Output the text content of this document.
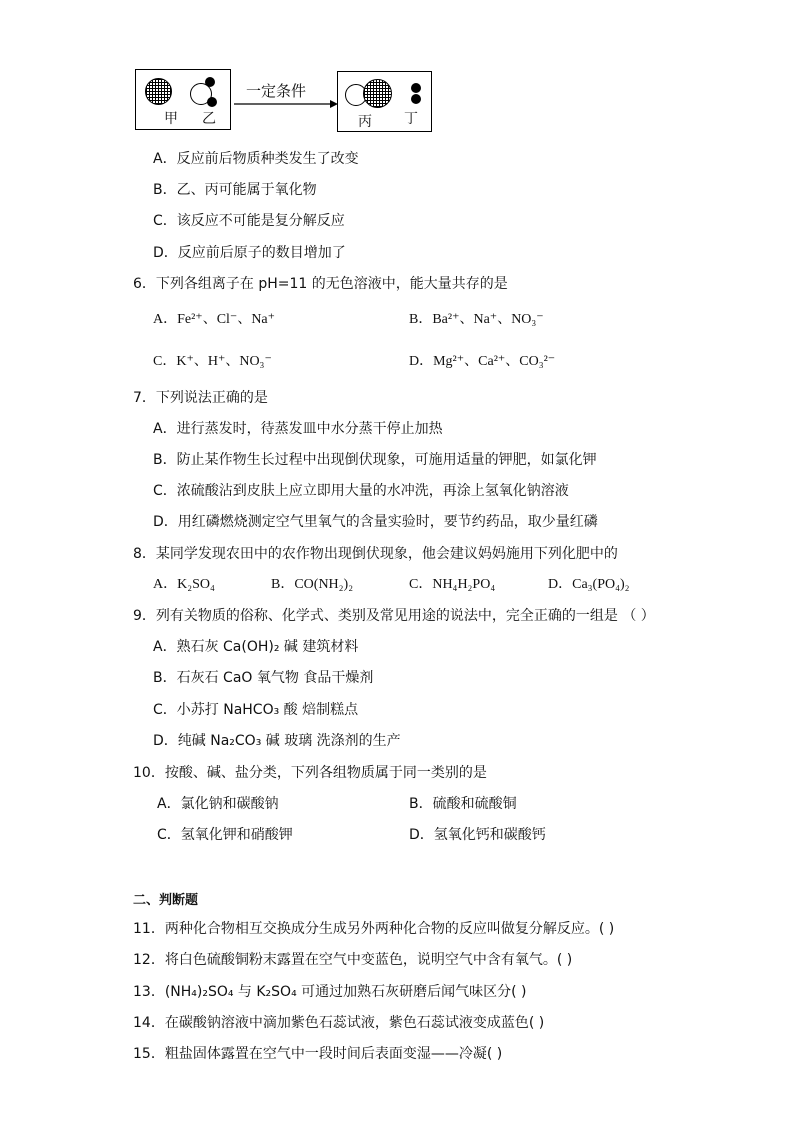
甲 乙
一定条件
丙 丁
A．反应前后物质种类发生了改变
B．乙、丙可能属于氧化物
C．该反应不可能是复分解反应
D．反应前后原子的数目增加了
6．下列各组离子在 pH=11 的无色溶液中，能大量共存的是
A．Fe²⁺、Cl⁻、Na⁺	B．Ba²⁺、Na⁺、NO₃⁻
C．K⁺、H⁺、NO₃⁻	D．Mg²⁺、Ca²⁺、CO₃²⁻
7．下列说法正确的是
A．进行蒸发时，待蒸发皿中水分蒸干停止加热
B．防止某作物生长过程中出现倒伏现象，可施用适量的钾肥，如氯化钾
C．浓硫酸沾到皮肤上应立即用大量的水冲洗，再涂上氢氧化钠溶液
D．用红磷燃烧测定空气里氧气的含量实验时，要节约药品，取少量红磷
8．某同学发现农田中的农作物出现倒伏现象，他会建议妈妈施用下列化肥中的
A．K₂SO₄	B．CO(NH₂)₂	C．NH₄H₂PO₄	D．Ca₃(PO₄)₂
9．列有关物质的俗称、化学式、类别及常见用途的说法中，完全正确的一组是 （ ）
A．熟石灰 Ca(OH)₂ 碱 建筑材料
B．石灰石 CaO 氧气物 食品干燥剂
C．小苏打 NaHCO₃ 酸 焙制糕点
D．纯碱 Na₂CO₃ 碱 玻璃 洗涤剂的生产
10．按酸、碱、盐分类，下列各组物质属于同一类别的是
A．氯化钠和碳酸钠	B．硫酸和硫酸铜
C．氢氧化钾和硝酸钾	D．氢氧化钙和碳酸钙
二、判断题
11．两种化合物相互交换成分生成另外两种化合物的反应叫做复分解反应。( )
12．将白色硫酸铜粉末露置在空气中变蓝色，说明空气中含有氧气。( )
13．(NH₄)₂SO₄ 与 K₂SO₄ 可通过加熟石灰研磨后闻气味区分( )
14．在碳酸钠溶液中滴加紫色石蕊试液，紫色石蕊试液变成蓝色( )
15．粗盐固体露置在空气中一段时间后表面变湿——冷凝( )
